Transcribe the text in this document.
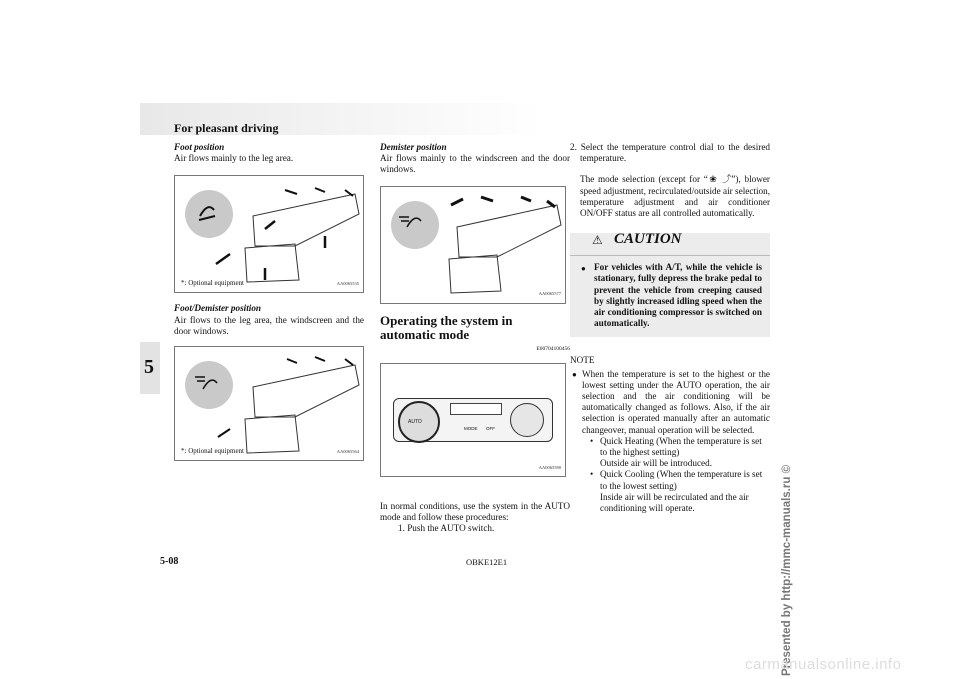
For pleasant driving
5
Foot position

Air flows mainly to the leg area.

*: Optional equipment	AA0065535
Foot/Demister position

Air flows to the leg area, the windscreen and the door windows.

*: Optional equipment	AA0065564
Demister position

Air flows mainly to the windscreen and the door windows.

AA0065577
Operating the system in automatic mode
E00704100456
AUTO
MODE OFF
AA0065580

In normal conditions, use the system in the AUTO mode and follow these procedures:

1. Push the AUTO switch.

2. Select the temperature control dial to the desired temperature.

The mode selection (except for “❀ ⤴”), blower speed adjustment, recirculated/outside air selection, temperature adjustment and air conditioner ON/OFF status are all controlled automatically.

⚠ CAUTION
● For vehicles with A/T, while the vehicle is stationary, fully depress the brake pedal to prevent the vehicle from creeping caused by slightly increased idling speed when the air conditioning compressor is switched on automatically.
NOTE
● When the temperature is set to the highest or the lowest setting under the AUTO operation, the air selection and the air conditioning will be automatically changed as follows. Also, if the air selection is operated manually after an automatic changeover, manual operation will be selected.

• Quick Heating (When the temperature is set to the highest setting)
Outside air will be introduced.
• Quick Cooling (When the temperature is set to the lowest setting)
Inside air will be recirculated and the air conditioning will operate.
5-08	OBKE12E1	Presented by http://mmc-manuals.ru ©
carmanualsonline.info
